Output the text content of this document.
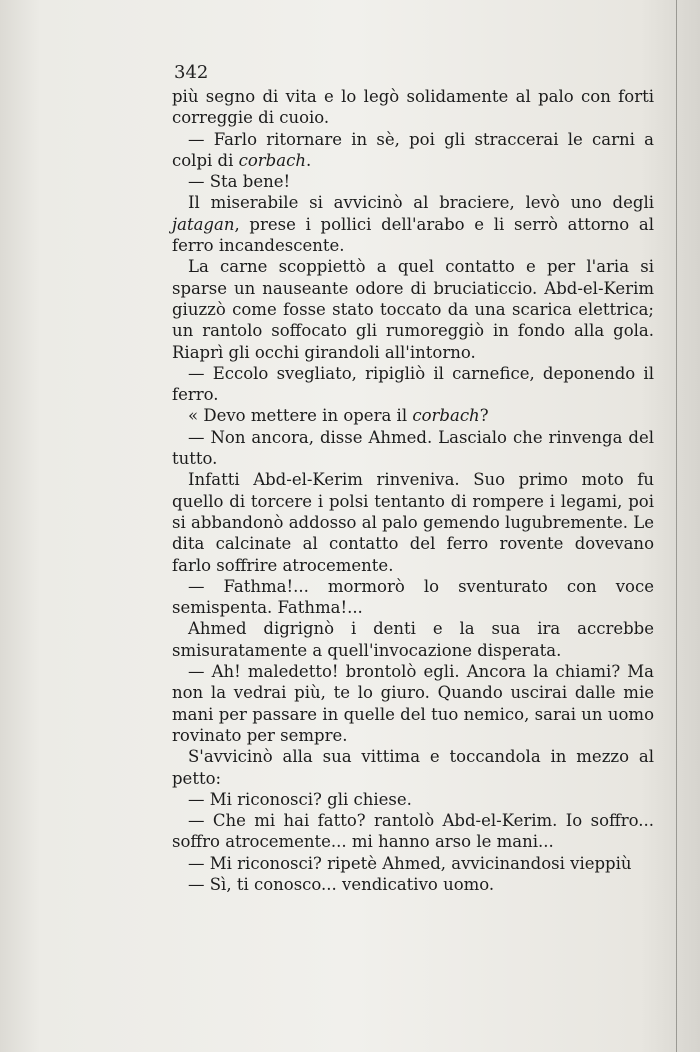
342

più segno di vita e lo legò solidamente al palo con forti correggie di cuoio.

— Farlo ritornare in sè, poi gli straccerai le carni a colpi di corbach.

— Sta bene!

Il miserabile si avvicinò al braciere, levò uno degli jatagan, prese i pollici dell'arabo e li serrò attorno al ferro incandescente.

La carne scoppiettò a quel contatto e per l'aria si sparse un nauseante odore di bruciaticcio. Abd-el-Kerim giuzzò come fosse stato toccato da una scarica elettrica; un rantolo soffocato gli rumoreggiò in fondo alla gola. Riaprì gli occhi girandoli all'intorno.

— Eccolo svegliato, ripigliò il carnefice, deponendo il ferro.

« Devo mettere in opera il corbach?

— Non ancora, disse Ahmed. Lascialo che rinvenga del tutto.

Infatti Abd-el-Kerim rinveniva. Suo primo moto fu quello di torcere i polsi tentanto di rompere i legami, poi si abbandonò addosso al palo gemendo lugubremente. Le dita calcinate al contatto del ferro rovente dovevano farlo soffrire atrocemente.

— Fathma!... mormorò lo sventurato con voce semispenta. Fathma!...

Ahmed digrignò i denti e la sua ira accrebbe smisuratamente a quell'invocazione disperata.

— Ah! maledetto! brontolò egli. Ancora la chiami? Ma non la vedrai più, te lo giuro. Quando uscirai dalle mie mani per passare in quelle del tuo nemico, sarai un uomo rovinato per sempre.

S'avvicinò alla sua vittima e toccandola in mezzo al petto:

— Mi riconosci? gli chiese.

— Che mi hai fatto? rantolò Abd-el-Kerim. Io soffro... soffro atrocemente... mi hanno arso le mani...

— Mi riconosci? ripetè Ahmed, avvicinandosi vieppiù

— Sì, ti conosco... vendicativo uomo.
